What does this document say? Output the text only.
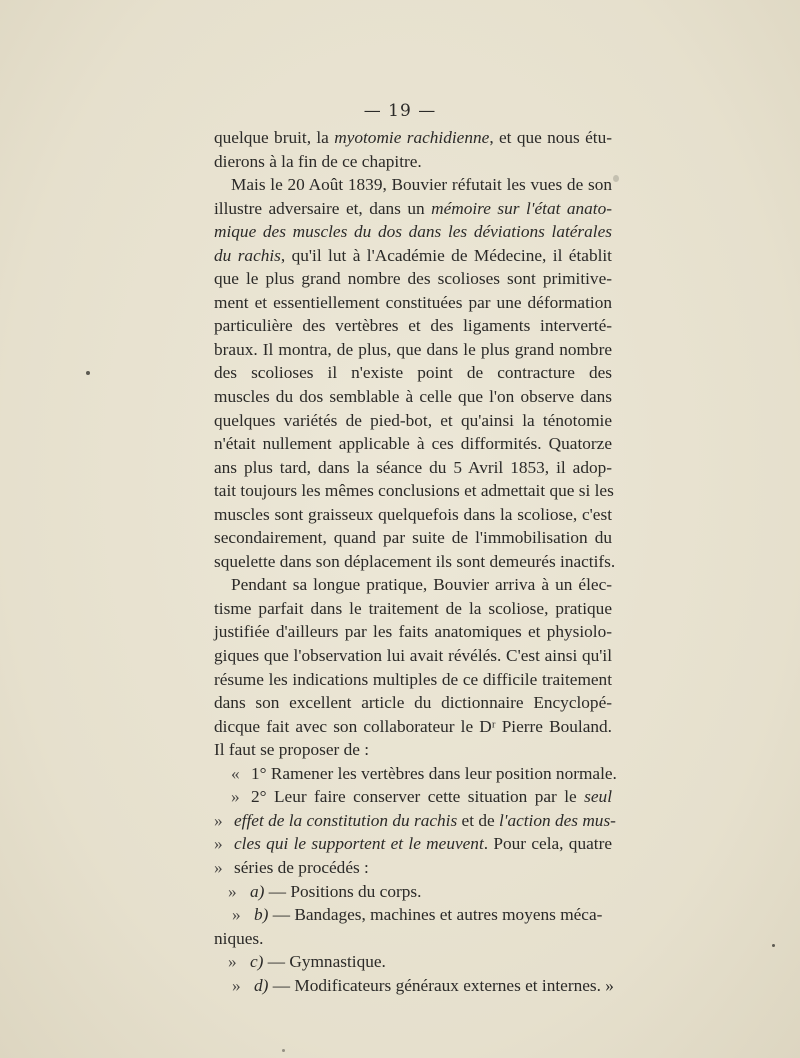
— 19 —
quelque bruit, la myotomie rachidienne, et que nous étu-
dierons à la fin de ce chapitre.
Mais le 20 Août 1839, Bouvier réfutait les vues de son
illustre adversaire et, dans un mémoire sur l'état anato-
mique des muscles du dos dans les déviations latérales
du rachis, qu'il lut à l'Académie de Médecine, il établit
que le plus grand nombre des scolioses sont primitive-
ment et essentiellement constituées par une déformation
particulière des vertèbres et des ligaments interverté-
braux. Il montra, de plus, que dans le plus grand nombre
des scolioses il n'existe point de contracture des
muscles du dos semblable à celle que l'on observe dans
quelques variétés de pied-bot, et qu'ainsi la ténotomie
n'était nullement applicable à ces difformités. Quatorze
ans plus tard, dans la séance du 5 Avril 1853, il adop-
tait toujours les mêmes conclusions et admettait que si les
muscles sont graisseux quelquefois dans la scoliose, c'est
secondairement, quand par suite de l'immobilisation du
squelette dans son déplacement ils sont demeurés inactifs.
Pendant sa longue pratique, Bouvier arriva à un élec-
tisme parfait dans le traitement de la scoliose, pratique
justifiée d'ailleurs par les faits anatomiques et physiolo-
giques que l'observation lui avait révélés. C'est ainsi qu'il
résume les indications multiples de ce difficile traitement
dans son excellent article du dictionnaire Encyclopé-
dicque fait avec son collaborateur le Dʳ Pierre Bouland.
Il faut se proposer de :
« 1° Ramener les vertèbres dans leur position normale.
» 2° Leur faire conserver cette situation par le seul
» effet de la constitution du rachis et de l'action des mus-
» cles qui le supportent et le meuvent. Pour cela, quatre
» séries de procédés :
» a) — Positions du corps.
» b) — Bandages, machines et autres moyens méca-
niques.
» c) — Gymnastique.
» d) — Modificateurs généraux externes et internes. »
